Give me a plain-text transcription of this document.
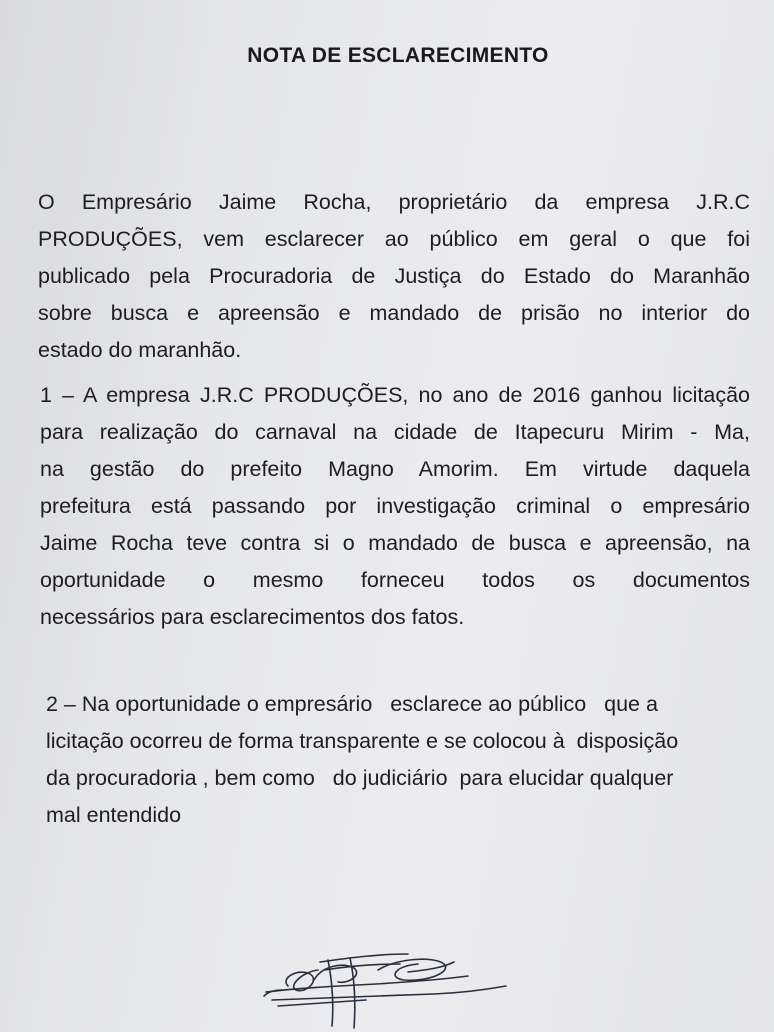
NOTA DE ESCLARECIMENTO
O Empresário Jaime Rocha, proprietário da empresa J.R.C
PRODUÇÕES, vem esclarecer ao público em geral o que foi
publicado pela Procuradoria de Justiça do Estado do Maranhão
sobre busca e apreensão e mandado de prisão no interior do
estado do maranhão.
1 – A empresa J.R.C PRODUÇÕES, no ano de 2016 ganhou licitação
para realização do carnaval na cidade de Itapecuru Mirim - Ma,
na gestão do prefeito Magno Amorim. Em virtude daquela
prefeitura está passando por investigação criminal o empresário
Jaime Rocha teve contra si o mandado de busca e apreensão, na
oportunidade o mesmo forneceu todos os documentos
necessários para esclarecimentos dos fatos.
2 – Na oportunidade o empresário   esclarece ao público   que a
licitação ocorreu de forma transparente e se colocou à  disposição
da procuradoria , bem como   do judiciário  para elucidar qualquer
mal entendido
